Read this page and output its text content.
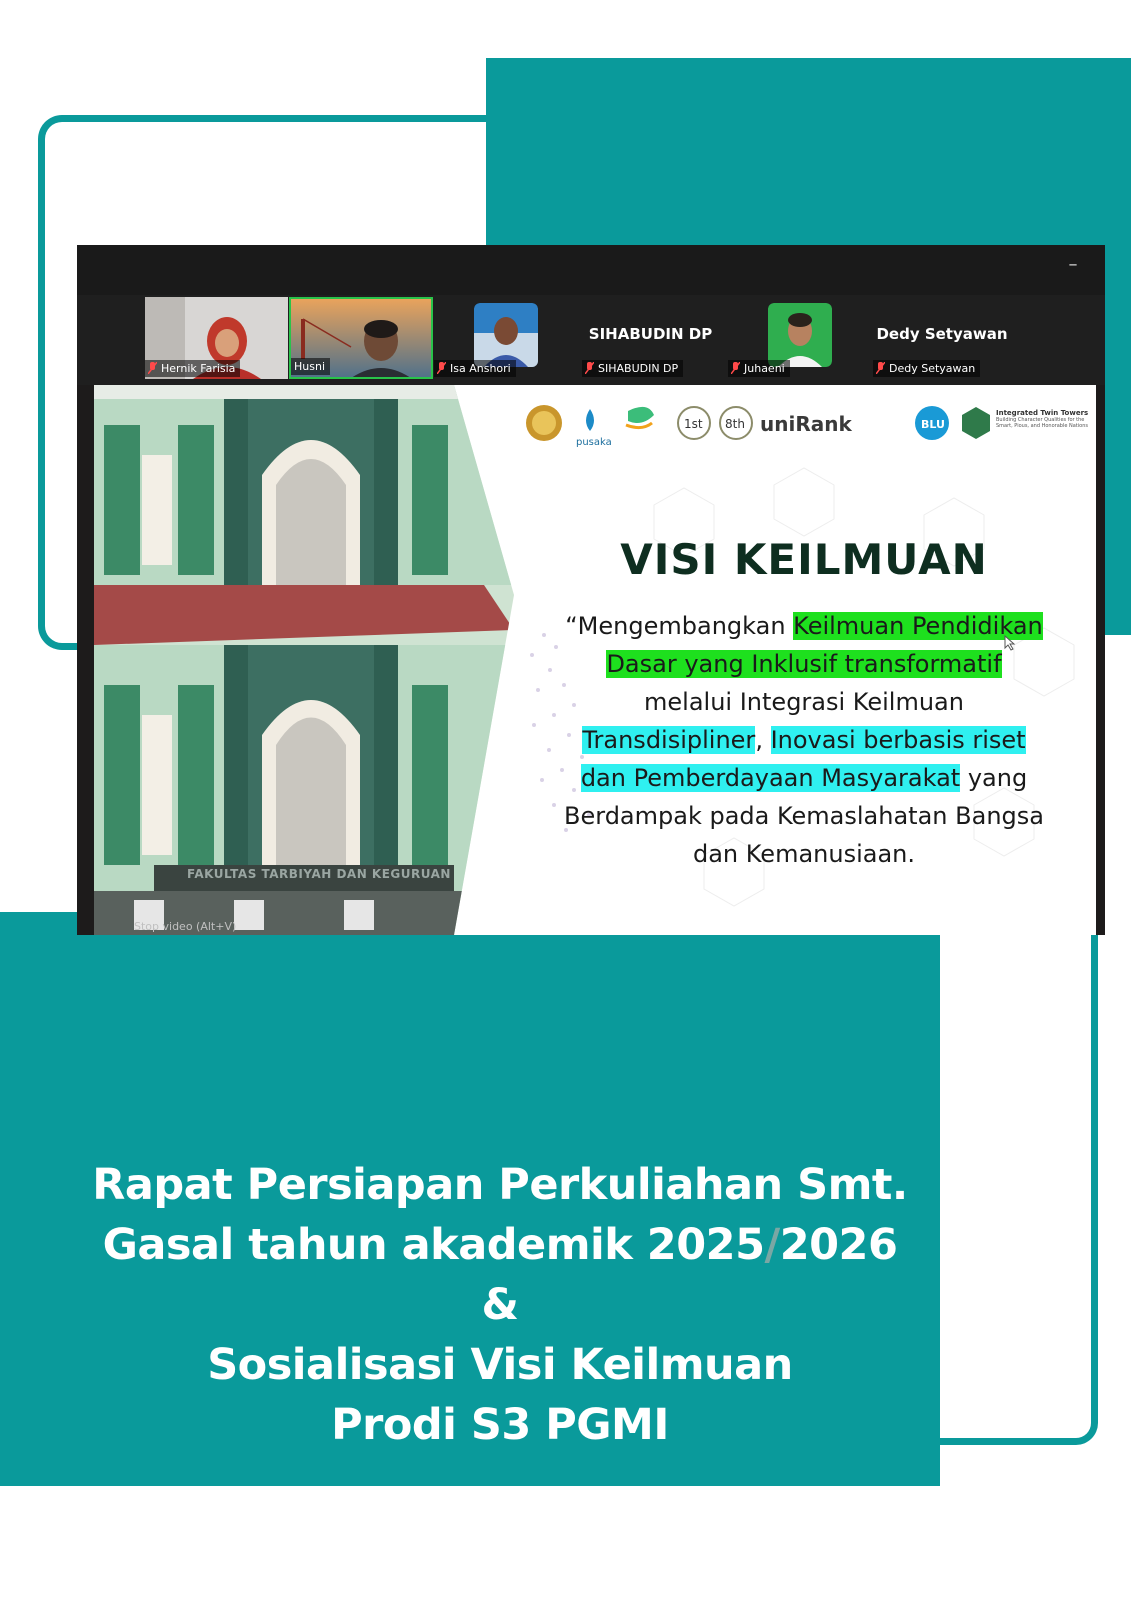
–
Hernik Farisia	Husni	Isa Anshori
SIHABUDIN DP
SIHABUDIN DP	Juhaeni
Dedy Setyawan
Dedy Setyawan
FAKULTAS TARBIYAH DAN KEGURUAN
pusaka
1st 8th uniRank	BLU
Integrated Twin Towers
Building Character Qualities for the Smart, Pious, and Honorable Nations
VISI KEILMUAN
“Mengembangkan Keilmuan Pendidikan Dasar yang Inklusif transformatif melalui Integrasi Keilmuan Transdisipliner, Inovasi berbasis riset dan Pemberdayaan Masyarakat yang Berdampak pada Kemaslahatan Bangsa dan Kemanusiaan.
Stop video (Alt+V)
Rapat Persiapan Perkuliahan Smt.
Gasal tahun akademik 2025/2026
&
Sosialisasi Visi Keilmuan
Prodi S3 PGMI
